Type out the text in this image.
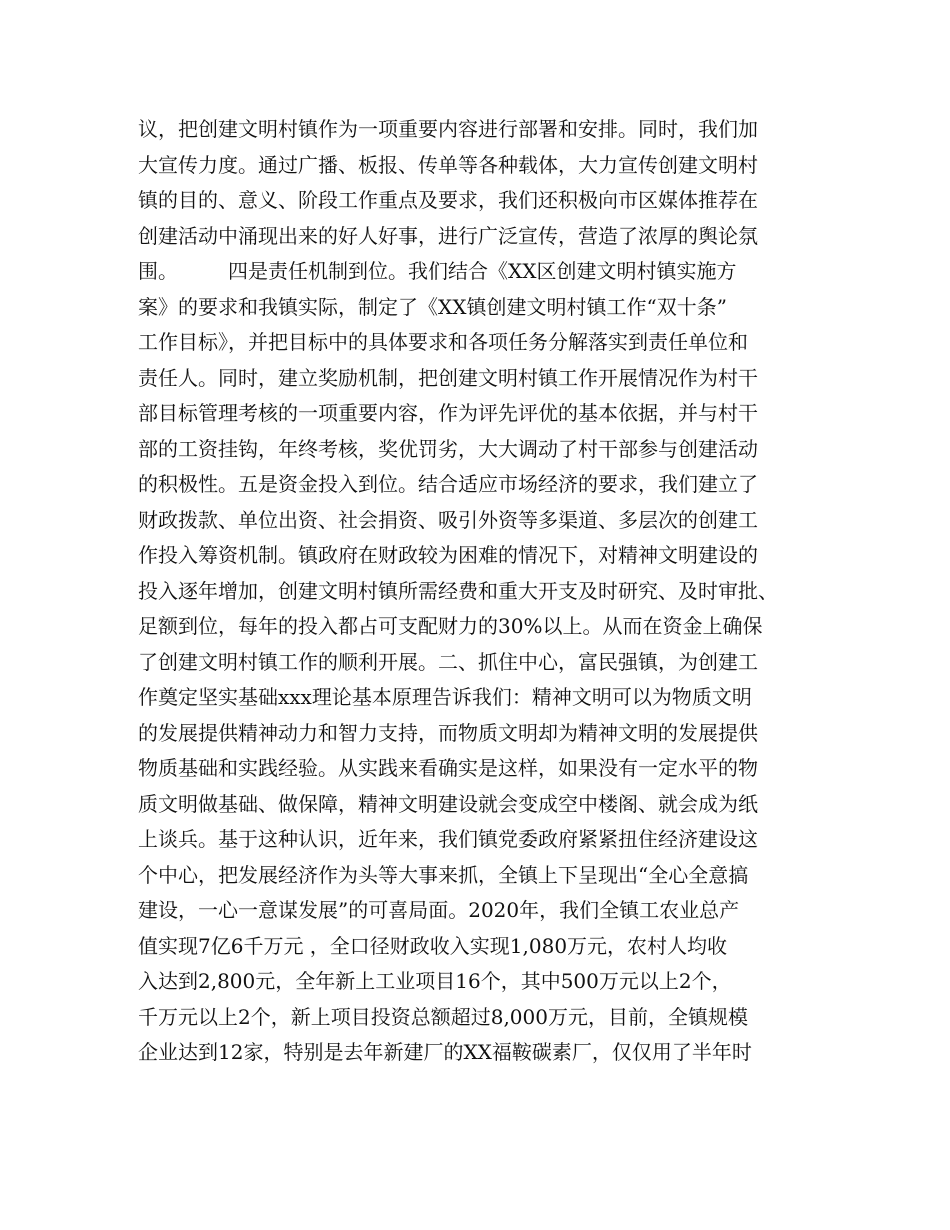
议，把创建文明村镇作为一项重要内容进行部署和安排。同时，我们加
大宣传力度。通过广播、板报、传单等各种载体，大力宣传创建文明村
镇的目的、意义、阶段工作重点及要求，我们还积极向市区媒体推荐在
创建活动中涌现出来的好人好事，进行广泛宣传，营造了浓厚的舆论氛
围。　　　四是责任机制到位。我们结合《XX区创建文明村镇实施方
案》的要求和我镇实际，制定了《XX镇创建文明村镇工作“双十条”
工作目标》，并把目标中的具体要求和各项任务分解落实到责任单位和
责任人。同时，建立奖励机制，把创建文明村镇工作开展情况作为村干
部目标管理考核的一项重要内容，作为评先评优的基本依据，并与村干
部的工资挂钩，年终考核，奖优罚劣，大大调动了村干部参与创建活动
的积极性。五是资金投入到位。结合适应市场经济的要求，我们建立了
财政拨款、单位出资、社会捐资、吸引外资等多渠道、多层次的创建工
作投入筹资机制。镇政府在财政较为困难的情况下，对精神文明建设的
投入逐年增加，创建文明村镇所需经费和重大开支及时研究、及时审批、
足额到位，每年的投入都占可支配财力的30%以上。从而在资金上确保
了创建文明村镇工作的顺利开展。二、抓住中心，富民强镇，为创建工
作奠定坚实基础xxx理论基本原理告诉我们：精神文明可以为物质文明
的发展提供精神动力和智力支持，而物质文明却为精神文明的发展提供
物质基础和实践经验。从实践来看确实是这样，如果没有一定水平的物
质文明做基础、做保障，精神文明建设就会变成空中楼阁、就会成为纸
上谈兵。基于这种认识，近年来，我们镇党委政府紧紧扭住经济建设这
个中心，把发展经济作为头等大事来抓，全镇上下呈现出“全心全意搞
建设，一心一意谋发展”的可喜局面。2020年，我们全镇工农业总产
值实现7亿6千万元 ，全口径财政收入实现1,080万元，农村人均收
入达到2,800元，全年新上工业项目16个，其中500万元以上2个，
千万元以上2个，新上项目投资总额超过8,000万元，目前，全镇规模
企业达到12家，特别是去年新建厂的XX福鞍碳素厂，仅仅用了半年时
